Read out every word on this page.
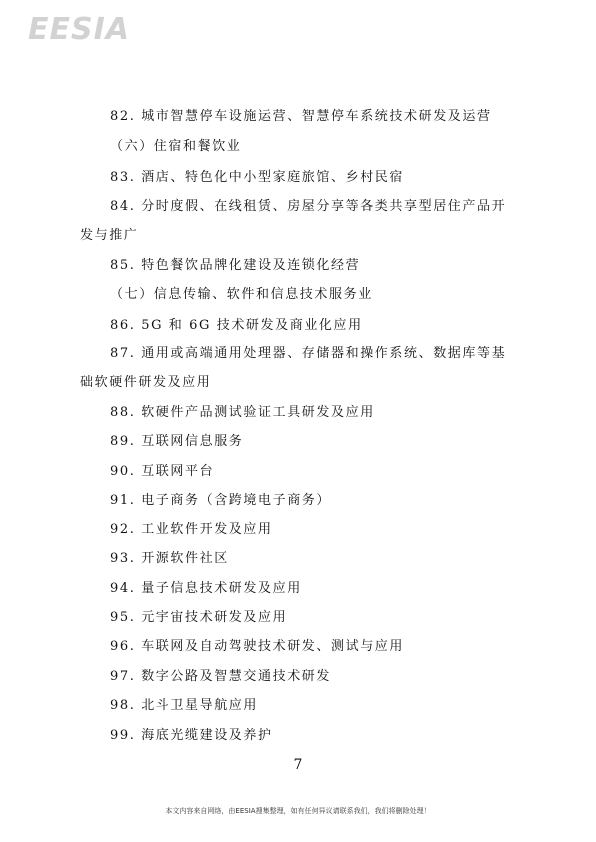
EESIA
82. 城市智慧停车设施运营、智慧停车系统技术研发及运营
（六）住宿和餐饮业
83. 酒店、特色化中小型家庭旅馆、乡村民宿
84. 分时度假、在线租赁、房屋分享等各类共享型居住产品开
发与推广
85. 特色餐饮品牌化建设及连锁化经营
（七）信息传输、软件和信息技术服务业
86. 5G 和 6G 技术研发及商业化应用
87. 通用或高端通用处理器、存储器和操作系统、数据库等基
础软硬件研发及应用
88. 软硬件产品测试验证工具研发及应用
89. 互联网信息服务
90. 互联网平台
91. 电子商务（含跨境电子商务）
92. 工业软件开发及应用
93. 开源软件社区
94. 量子信息技术研发及应用
95. 元宇宙技术研发及应用
96. 车联网及自动驾驶技术研发、测试与应用
97. 数字公路及智慧交通技术研发
98. 北斗卫星导航应用
99. 海底光缆建设及养护
7
本文内容来自网络，由EESIA搜集整理，如有任何异议请联系我们，我们将删除处理！
